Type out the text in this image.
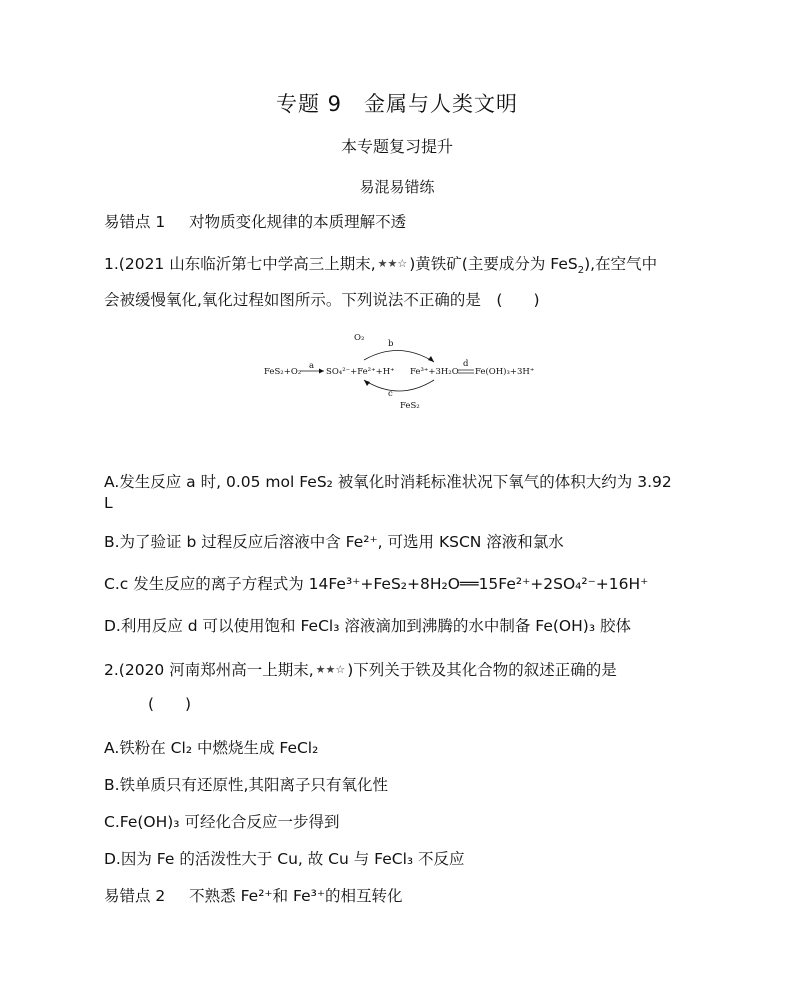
专题 9　金属与人类文明
本专题复习提升
易混易错练
易错点 1 对物质变化规律的本质理解不透
1.(2021 山东临沂第七中学高三上期末, ★★☆ )黄铁矿(主要成分为 FeS$_2$),在空气中
会被缓慢氧化,氧化过程如图所示。下列说法不正确的是　(　　)
FeS₂+O₂
a
SO₄²⁻+Fe²⁺+H⁺
O₂
b
Fe³⁺+3H₂O
d
Fe(OH)₃+3H⁺
c
FeS₂
A.发生反应 a 时, 0.05 mol FeS₂ 被氧化时消耗标准状况下氧气的体积大约为 3.92
L
B.为了验证 b 过程反应后溶液中含 Fe²⁺, 可选用 KSCN 溶液和氯水
C.c 发生反应的离子方程式为 14Fe³⁺+FeS₂+8H₂O══15Fe²⁺+2SO₄²⁻+16H⁺
D.利用反应 d 可以使用饱和 FeCl₃ 溶液滴加到沸腾的水中制备 Fe(OH)₃ 胶体
2.(2020 河南郑州高一上期末, ★★☆ )下列关于铁及其化合物的叙述正确的是
(　　)
A.铁粉在 Cl₂ 中燃烧生成 FeCl₂
B.铁单质只有还原性,其阳离子只有氧化性
C.Fe(OH)₃ 可经化合反应一步得到
D.因为 Fe 的活泼性大于 Cu, 故 Cu 与 FeCl₃ 不反应
易错点 2 不熟悉 Fe²⁺和 Fe³⁺的相互转化
